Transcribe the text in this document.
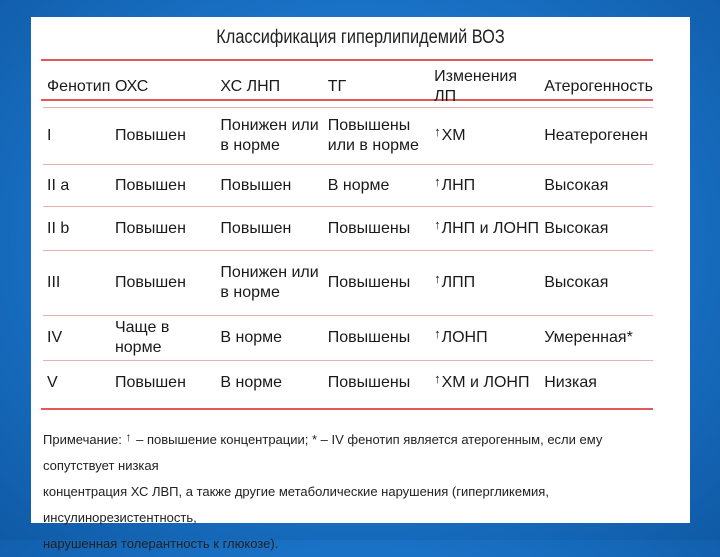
Классификация гиперлипидемий ВОЗ
Фенотип	ОХС	ХС ЛНП	ТГ	Изменения ЛП	Атерогенность
I	Повышен	Понижен или в норме	Повышены или в норме	↑ХМ	Неатерогенен
II a	Повышен	Повышен	В норме	↑ЛНП	Высокая
II b	Повышен	Повышен	Повышены	↑ЛНП и ЛОНП	Высокая
III	Повышен	Понижен или в норме	Повышены	↑ЛПП	Высокая
IV	Чаще в норме	В норме	Повышены	↑ЛОНП	Умеренная*
V	Повышен	В норме	Повышены	↑ХМ и ЛОНП	Низкая
Примечание: ↑ – повышение концентрации; * – IV фенотип является атерогенным, если ему сопутствует низкая
концентрация ХС ЛВП, а также другие метаболические нарушения (гипергликемия, инсулинорезистентность,
нарушенная толерантность к глюкозе).
